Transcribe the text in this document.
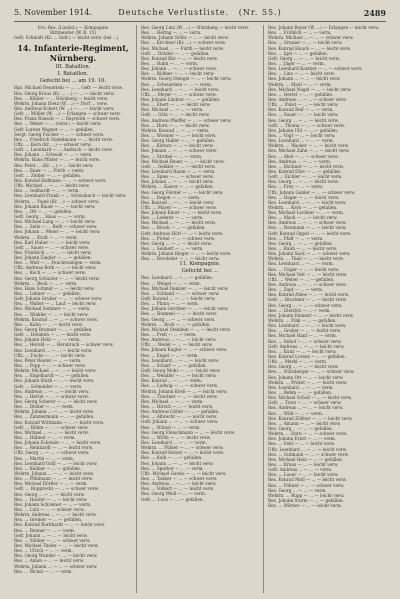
5. November 1914.	Deutsche Verlustliste. (Nr. 55.)	2489
Ers.-Res. (Landst.) — Kompagnie
Rittmeister (W. R. 15)
Gefr. Schmidt (Kr. ... Gefr.) — leicht verw. (bei ...)
14. Infanterie-Regiment, Nürnberg.
III. Bataillon.
I. Bataillon.
Gefecht bei ... am 19. 10.
Hpt. Michael Deuerlein — ... ... Gefr. — leicht verw.
Res. Georg Kraus (Kr. ... ...) — ... — leicht verw.
Res. ... Köhler — ... Nürnberg — leicht verw.
Wehrm. Johann Dietz (W. ...) — Dorf ... verw.
Res. Andreas Eckert (W. ...) — ... — leicht verw.
Gefr. ... Müller (W. ...) — Erlangen — schwer verw.
Res. Franz Rausch — ... Bayreuth — schwer verw.
Res. ... Weber — ... (verw.) — leicht verw.
Gefr. Lorenz Wagner — ... — gefallen.
Sergt. Georg Fischer — ... — schwer verw.
Res. ... Friedrich Stadelmann — ... leicht verw.
Uffz. ... Kern (Kr. ...) — schwer verw.
Gefr. ... Leonhard — ... Ansbach — leicht verw.
Res. Johann ... Schwab — ... — verm.
Wehrm. Hans Pfister — ... — leicht verw.
Res. Peter ... (Kr. ...) — ... leicht verw.
Res. ... Baier — ... Fürth — verm.
Gefr. ... Zeitler — ... — gefallen.
Res. Konrad Hofmann — ... — schwer verw.
Uffz. Michael ... — ... — leicht verw.
Res. ... Gebhardt — ... — verm.
Res. Leonhard Frank — ... Schwabach — leicht verw.
Wehrm. ... Vogel (Kr. ...) — schwer verw.
Res. Johann Bauer — ... — leicht verw.
Res. ... Ott — ... — gefallen.
Gefr. Georg ... Haas — ... — verm.
Res. Michael Lang — ... — leicht verw.
Res. ... Seitz — ... Roth — schwer verw.
Res. Johann ... Meier — ... — leicht verw.
Wehrm. ... Kraft — ... — verm.
Res. Karl Huber — ... — leicht verw.
Gefr. ... Sauer — ... — schwer verw.
Res. Friedrich ... — ... — leicht verw.
Res. Johann Ziegler — ... — gefallen.
Res. ... Wolf — ... Feuchtwangen — verm.
Uffz. Andreas Roth — ... — leicht verw.
Res. ... Koch — ... — schwer verw.
Res. Georg Schuster — ... — leicht verw.
Wehrm. ... Beck — ... — verm.
Res. Hans Schmid — ... — leicht verw.
Res. ... Lehner — ... — gefallen.
Gefr. Johann Gruber — ... — schwer verw.
Res. ... Walter — ... Lauf — leicht verw.
Res. Michael Sommer — ... — verm.
Res. ... Winkler — ... — leicht verw.
Wehrm. Konrad ... — ... — schwer verw.
Res. ... Kuhn — ... — leicht verw.
Res. Georg Brunner — ... — gefallen.
Gefr. ... Heinlein — ... — leicht verw.
Res. Johann Held — ... — verm.
Res. ... Herold — ... Hersbruck — schwer verw.
Res. Leonhard ... — ... — leicht verw.
Uffz. ... Fuchs — ... — leicht verw.
Res. Peter Reuter — ... — verm.
Res. ... Popp — ... — schwer verw.
Wehrm. Michael ... — ... — leicht verw.
Res. ... Engelhardt — ... — gefallen.
Res. Johann Stark — ... — leicht verw.
Gefr. ... Schneider — ... — verm.
Res. Andreas ... — ... — leicht verw.
Res. ... Hertel — ... — schwer verw.
Res. Georg Scherer — ... — leicht verw.
Res. ... Distler — ... — verm.
Wehrm. Johann ... — ... — leicht verw.
Res. ... Zimmermann — ... — gefallen.
Res. Konrad Wittmann — ... — leicht verw.
Gefr. ... Böhm — ... — schwer verw.
Res. Michael ... — ... — leicht verw.
Res. ... Hübner — ... — verm.
Res. Johann Eckstein — ... — leicht verw.
Res. ... Reinhardt — ... — leicht verw.
Uffz. Georg ... — ... — schwer verw.
Res. ... Martin — ... — verm.
Res. Leonhard Gräf — ... — leicht verw.
Res. ... Kellner — ... — gefallen.
Wehrm. Johann ... — ... — leicht verw.
Res. ... Pöhlmann — ... — leicht verw.
Res. Michael Dörfler — ... — verm.
Gefr. ... Rupprecht — ... — schwer verw.
Res. Georg ... — ... — leicht verw.
Res. ... Hacker — ... — leicht verw.
Res. Johann Schreiner — ... — verm.
Res. ... Lutz — ... — schwer verw.
Wehrm. Andreas ... — ... — leicht verw.
Res. ... Greiner — ... — gefallen.
Res. Konrad Burkhardt — ... — leicht verw.
Res. ... Renner — ... — verm.
Gefr. Johann ... — ... — leicht verw.
Res. ... Söllner — ... — schwer verw.
Res. Michael Thaler — ... — leicht verw.
Res. ... Ulrich — ... — verm.
Res. Georg Wunder — ... — leicht verw.
Res. ... Amon — ... — leicht verw.
Wehrm. Johann ... — ... — schwer verw.
Res. ... Bickel — ... — verm.
Res. Georg Lutz (W. ...) — Nürnberg — leicht verw.
Res. ... Hering — ... — verm.
Wehrm. Johann Stöhr — ... — leicht verw.
Res. ... Kirchner (Kr. ...) — schwer verw.
Res. Michael ... — Fürth — leicht verw.
Gefr. ... Dotzler — ... — gefallen.
Res. Konrad Bär — ... — leicht verw.
Res. ... Hahn — ... — verm.
Res. Johann ... — ... — schwer verw.
Res. ... Rößner — ... — leicht verw.
Wehrm. Georg Stengel — ... — leicht verw.
Res. ... Scheuerlein — ... — verm.
Res. Leonhard ... — ... — leicht verw.
Uffz. ... Meyer — ... — schwer verw.
Res. Johann Lindner — ... — gefallen.
Res. ... Ebert — ... — leicht verw.
Res. Michael ... — ... — verm.
Gefr. ... Götz — ... — leicht verw.
Res. Andreas Pfeiffer — ... — schwer verw.
Res. ... Horn — ... — leicht verw.
Wehrm. Konrad ... — ... — verm.
Res. ... Wiesner — ... — leicht verw.
Res. Georg Haller — ... — gefallen.
Res. ... Körner — ... — leicht verw.
Res. Johann ... — ... — schwer verw.
Res. ... Strobel — ... — verm.
Res. Michael Bauer — ... — leicht verw.
Gefr. ... Geißler — ... — leicht verw.
Res. Leonhard Raum — ... — verm.
Res. ... Spies — ... — schwer verw.
Res. Johann ... — ... — leicht verw.
Wehrm. ... Kaiser — ... — gefallen.
Res. Georg Förster — ... — leicht verw.
Res. ... Degen — ... — verm.
Res. Konrad ... — ... — leicht verw.
Uffz. ... Mayer — ... — schwer verw.
Res. Johann Knorr — ... — leicht verw.
Res. ... Lederer — ... — verm.
Res. Michael ... — ... — leicht verw.
Res. ... Rösch — ... — gefallen.
Gefr. Andreas Hörl — ... — leicht verw.
Res. ... Pickel — ... — schwer verw.
Res. Georg ... — ... — leicht verw.
Res. ... Seubert — ... — verm.
Wehrm. Johann Rieger — ... — leicht verw.
Res. ... Drechsler — ... — leicht verw.
11. Kompagnie.
Gefecht bei ...
Res. Leonhard ... — ... — gefallen.
Res. ... Weigel — ... — verm.
Res. Michael Deinzer — ... — leicht verw.
Res. ... Schlund — ... — schwer verw.
Gefr. Konrad ... — ... — leicht verw.
Res. ... Pfann — ... — verm.
Res. Johann Gerstner — ... — leicht verw.
Res. ... Hummel — ... — leicht verw.
Res. Georg ... — ... — schwer verw.
Wehrm. ... Bock — ... — gefallen.
Res. Michael Steinlein — ... — leicht verw.
Res. ... Prell — ... — verm.
Res. Andreas ... — ... — leicht verw.
Uffz. ... Wedel — ... — leicht verw.
Res. Johann Kugler — ... — schwer verw.
Res. ... Engel — ... — verm.
Res. Leonhard ... — ... — leicht verw.
Res. ... Scharf — ... — gefallen.
Gefr. Georg Mohr — ... — leicht verw.
Res. ... Wendler — ... — leicht verw.
Res. Konrad ... — ... — verm.
Res. ... Ludwig — ... — schwer verw.
Wehrm. Johann Kreß — ... — leicht verw.
Res. ... Trautner — ... — leicht verw.
Res. Michael ... — ... — verm.
Res. ... Hirsch — ... — leicht verw.
Res. Andreas Göller — ... — gefallen.
Res. ... Albrecht — ... — leicht verw.
Gefr. Johann ... — ... — schwer verw.
Res. ... Nützel — ... — verm.
Res. Georg Fleischmann — ... — leicht verw.
Res. ... Wirth — ... — leicht verw.
Res. Leonhard ... — ... — verm.
Wehrm. ... Pühler — ... — schwer verw.
Res. Konrad Hetzel — ... — leicht verw.
Res. ... Kolb — ... — gefallen.
Res. Johann ... — ... — leicht verw.
Res. ... Sperber — ... — verm.
Uffz. Michael Gareis — ... — leicht verw.
Res. ... Tauber — ... — schwer verw.
Res. Andreas ... — ... — leicht verw.
Res. ... Volkert — ... — leicht verw.
Res. Georg Weiß — ... — verm.
Gefr. ... Loos — ... — gefallen.
Res. Johann Bayer (W. ...) — Erlangen — leicht verw.
Res. ... Fröhlich — ... — verm.
Wehrm. Michael ... — ... — schwer verw.
Res. ... Grasser — ... — leicht verw.
Res. Konrad Hauck — ... — leicht verw.
Res. ... Igel — ... — gefallen.
Gefr. Georg ... — ... — leicht verw.
Res. ... Jäger — ... — verm.
Res. Leonhard Kastner — ... — schwer verw.
Res. ... Linz — ... — leicht verw.
Res. Johann ... — ... — leicht verw.
Wehrm. ... Maul — ... — verm.
Res. Michael Nagel — ... — leicht verw.
Res. ... Oertel — ... — gefallen.
Res. Andreas ... — ... — schwer verw.
Uffz. ... Pabst — ... — leicht verw.
Res. Konrad Reif — ... — verm.
Res. ... Sauer — ... — leicht verw.
Res. Georg ... — ... — leicht verw.
Gefr. ... Thoma — ... — schwer verw.
Res. Johann Uhl — ... — gefallen.
Res. ... Vogt — ... — leicht verw.
Res. Leonhard ... — ... — verm.
Wehrm. ... Wacker — ... — leicht verw.
Res. Michael Zahn — ... — leicht verw.
Res. ... Abel — ... — schwer verw.
Res. Andreas ... — ... — verm.
Res. ... Buchner — ... — leicht verw.
Res. Konrad Dürr — ... — gefallen.
Gefr. ... Eichler — ... — leicht verw.
Res. Georg ... — ... — leicht verw.
Res. ... Frey — ... — verm.
Uffz. Johann Gabler — ... — schwer verw.
Res. ... Hager — ... — leicht verw.
Res. Leonhard ... — ... — leicht verw.
Wehrm. ... Kern — ... — gefallen.
Res. Michael Lechner — ... — verm.
Res. ... Mack — ... — leicht verw.
Res. Andreas ... — ... — schwer verw.
Res. ... Neumann — ... — leicht verw.
Gefr. Konrad Oppel — ... — leicht verw.
Res. ... Pfaff — ... — verm.
Res. Georg ... — ... — gefallen.
Res. ... Rauh — ... — leicht verw.
Res. Johann Sack — ... — schwer verw.
Wehrm. ... Thiel — ... — leicht verw.
Res. Leonhard ... — ... — verm.
Res. ... Unger — ... — leicht verw.
Res. Michael Veit — ... — leicht verw.
Uffz. ... Weber — ... — gefallen.
Res. Andreas ... — ... — schwer verw.
Res. ... Zapf — ... — verm.
Res. Konrad Ahles — ... — leicht verw.
Gefr. ... Bruckner — ... — leicht verw.
Res. Georg ... — ... — schwer verw.
Res. ... Dietrich — ... — verm.
Res. Johann Emmert — ... — leicht verw.
Wehrm. ... Fink — ... — gefallen.
Res. Leonhard ... — ... — leicht verw.
Res. ... Gruber — ... — leicht verw.
Res. Michael Hanf — ... — verm.
Res. ... Imhof — ... — schwer verw.
Gefr. Andreas ... — ... — leicht verw.
Res. ... Kunz — ... — leicht verw.
Res. Konrad Lorenz — ... — gefallen.
Uffz. ... Merkl — ... — verm.
Res. Georg ... — ... — leicht verw.
Res. ... Nürnberger — ... — schwer verw.
Res. Johann Ott — ... — leicht verw.
Wehrm. ... Probst — ... — leicht verw.
Res. Leonhard ... — ... — verm.
Res. ... Rehm — ... — gefallen.
Res. Michael Scholl — ... — leicht verw.
Gefr. ... Trost — ... — schwer verw.
Res. Andreas ... — ... — leicht verw.
Res. ... Wild — ... — verm.
Res. Konrad Zöllner — ... — leicht verw.
Res. ... Amann — ... — leicht verw.
Res. Georg ... — ... — gefallen.
Wehrm. ... Dorn — ... — schwer verw.
Res. Johann Ernst — ... — verm.
Res. ... Feld — ... — leicht verw.
Uffz. Leonhard ... — ... — leicht verw.
Res. ... Gutmann — ... — schwer verw.
Res. Michael Hein — ... — gefallen.
Res. ... Kraus — ... — leicht verw.
Gefr. Andreas ... — ... — verm.
Res. ... Lauer — ... — leicht verw.
Res. Konrad Moll — ... — leicht verw.
Res. ... Pöhner — ... — schwer verw.
Res. Georg ... — ... — verm.
Wehrm. ... Rupp — ... — leicht verw.
Res. Johann Sturm — ... — gefallen.
Res. ... Wörner — ... — leicht verw.
